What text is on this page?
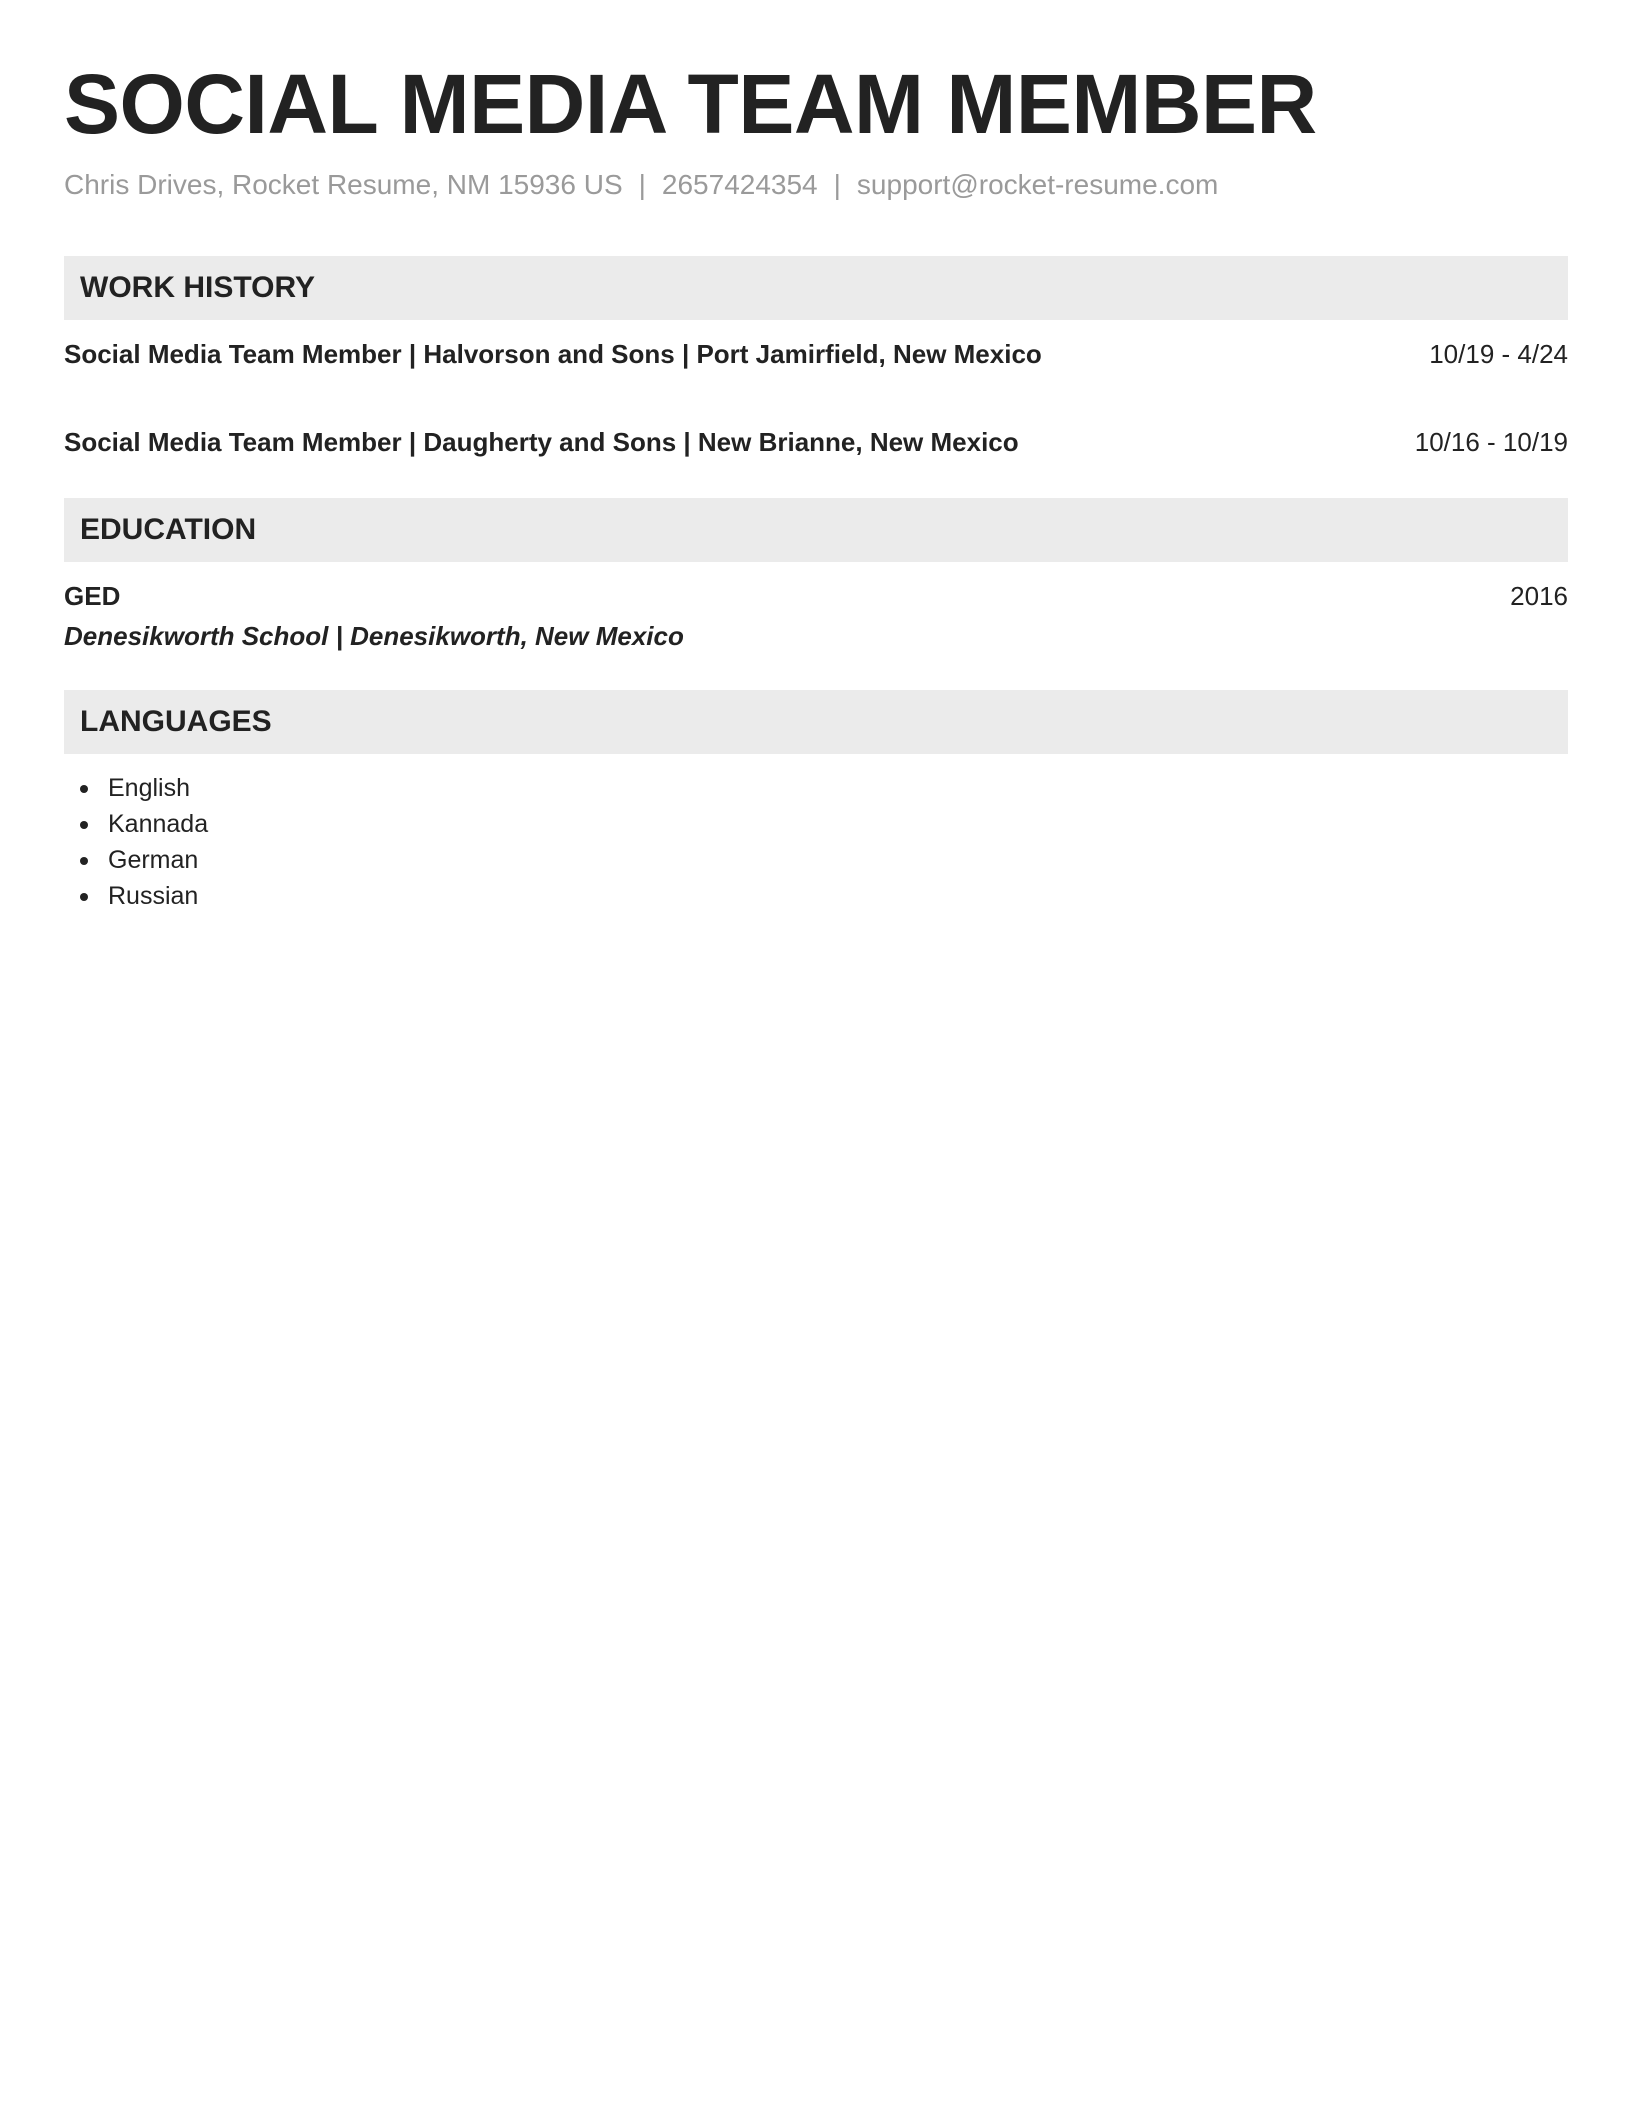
SOCIAL MEDIA TEAM MEMBER
Chris Drives, Rocket Resume, NM 15936 US | 2657424354 | support@rocket-resume.com
WORK HISTORY
Social Media Team Member | Halvorson and Sons | Port Jamirfield, New Mexico	10/19 - 4/24
Social Media Team Member | Daugherty and Sons | New Brianne, New Mexico	10/16 - 10/19
EDUCATION
GED	2016
Denesikworth School | Denesikworth, New Mexico
LANGUAGES
English
Kannada
German
Russian
